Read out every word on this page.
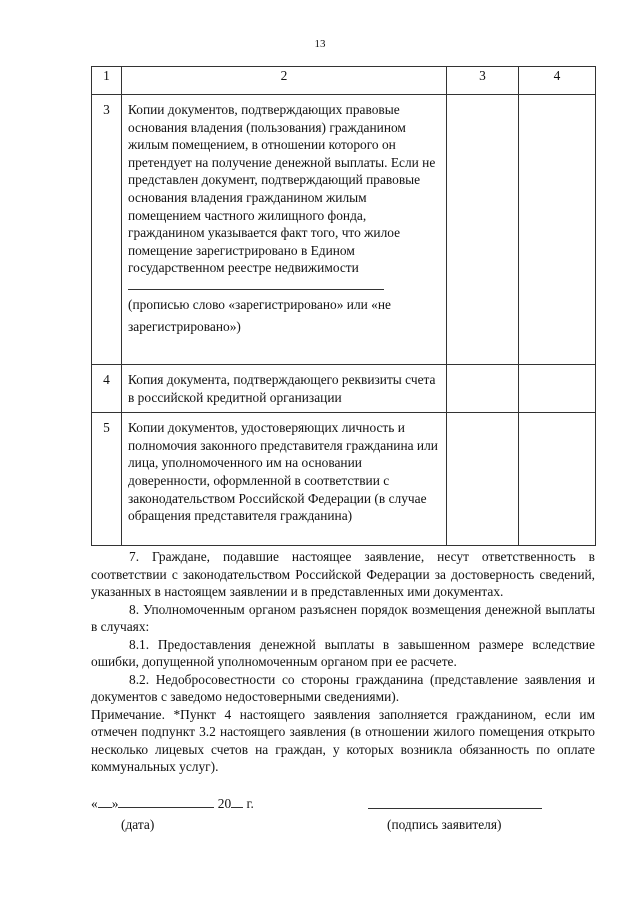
13
1	2	3	4
3	Копии документов, подтверждающих правовые основания владения (пользования) гражданином жилым помещением, в отношении которого он претендует на получение денежной выплаты. Если не представлен документ, подтверждающий правовые основания владения гражданином жилым помещением частного жилищного фонда, гражданином указывается факт того, что жилое помещение зарегистрировано в Едином государственном реестре недвижимости
(прописью слово «зарегистрировано» или «не зарегистрировано»)		

4	Копия документа, подтверждающего реквизиты счета в российской кредитной организации		
5	Копии документов, удостоверяющих личность и полномочия законного представителя гражданина или лица, уполномоченного им на основании доверенности, оформленной в соответствии с законодательством Российской Федерации (в случае обращения представителя гражданина)		

7. Граждане, подавшие настоящее заявление, несут ответственность в соответствии с законодательством Российской Федерации за достоверность сведений, указанных в настоящем заявлении и в представленных ими документах.

8. Уполномоченным органом разъяснен порядок возмещения денежной выплаты в случаях:

8.1. Предоставления денежной выплаты в завышенном размере вследствие ошибки, допущенной уполномоченным органом при ее расчете.

8.2. Недобросовестности со стороны гражданина (представление заявления и документов с заведомо недостоверными сведениями).

Примечание. *Пункт 4 настоящего заявления заполняется гражданином, если им отмечен подпункт 3.2 настоящего заявления (в отношении жилого помещения открыто несколько лицевых счетов на граждан, у которых возникла обязанность по оплате коммунальных услуг).

« »	20 г.
(дата)	(подпись заявителя)
